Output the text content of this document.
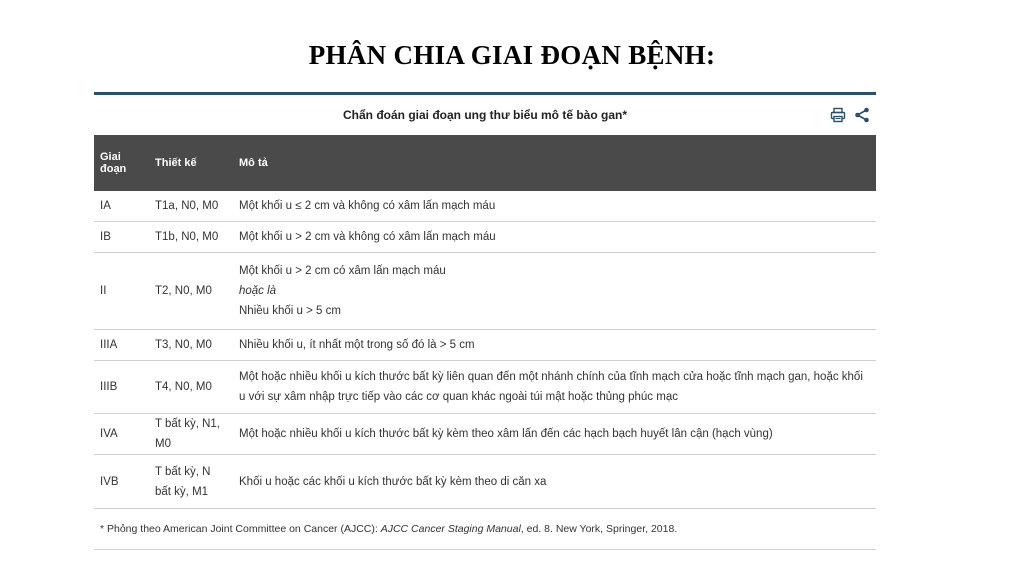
PHÂN CHIA GIAI ĐOẠN BỆNH:
Chẩn đoán giai đoạn ung thư biểu mô tế bào gan*
Giai
đoạn	Thiết kế	Mô tả
IA	T1a, N0, M0	Một khối u ≤ 2 cm và không có xâm lấn mạch máu
IB	T1b, N0, M0	Một khối u > 2 cm và không có xâm lấn mạch máu
II	T2, N0, M0	Một khối u > 2 cm có xâm lấn mạch máu
hoặc là
Nhiều khối u > 5 cm

IIIA	T3, N0, M0	Nhiều khối u, ít nhất một trong số đó là > 5 cm
IIIB	T4, N0, M0	Một hoặc nhiều khối u kích thước bất kỳ liên quan đến một nhánh chính của tĩnh mạch cửa hoặc tĩnh mạch gan, hoặc khối u với sự xâm nhập trực tiếp vào các cơ quan khác ngoài túi mật hoặc thủng phúc mạc
IVA	T bất kỳ, N1, M0	Một hoặc nhiều khối u kích thước bất kỳ kèm theo xâm lấn đến các hạch bạch huyết lân cận (hạch vùng)
IVB	T bất kỳ, N bất kỳ, M1	Khối u hoặc các khối u kích thước bất kỳ kèm theo di căn xa
* Phỏng theo American Joint Committee on Cancer (AJCC): AJCC Cancer Staging Manual, ed. 8. New York, Springer, 2018.
